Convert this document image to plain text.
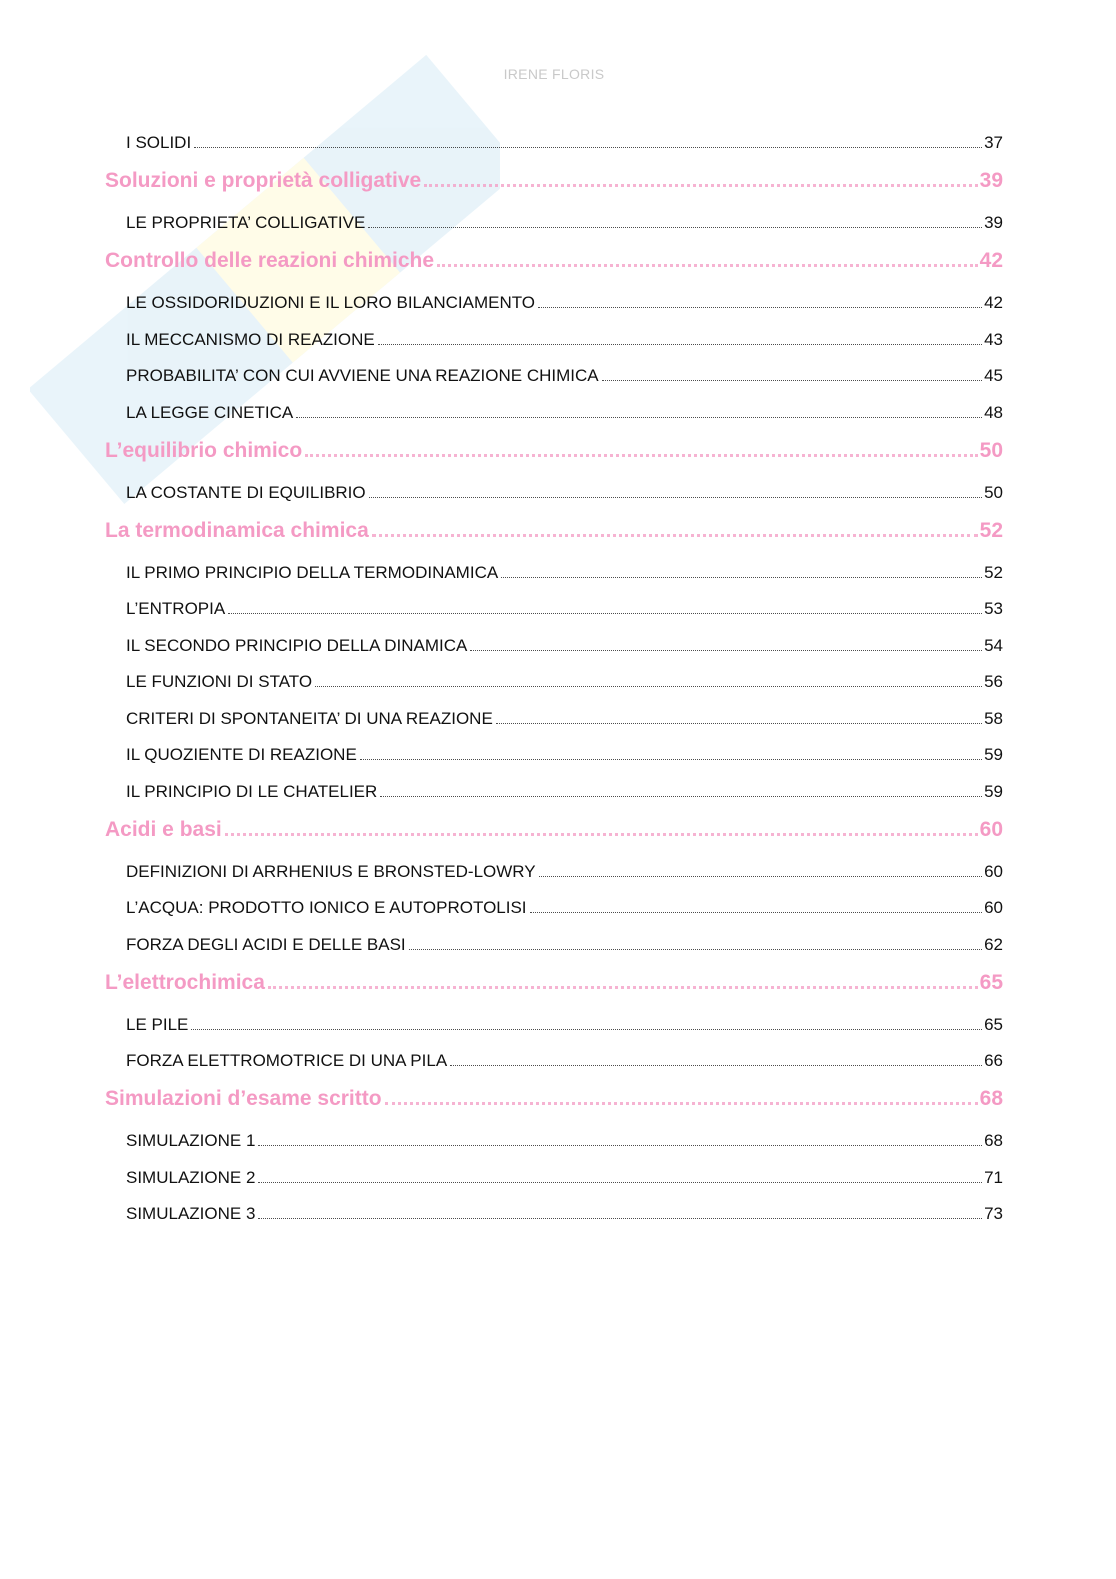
IRENE FLORIS
I SOLIDI	37
Soluzioni e proprietà colligative	39
LE PROPRIETA’ COLLIGATIVE	39
Controllo delle reazioni chimiche	42
LE OSSIDORIDUZIONI E IL LORO BILANCIAMENTO	42
IL MECCANISMO DI REAZIONE	43
PROBABILITA’ CON CUI AVVIENE UNA REAZIONE CHIMICA	45
LA LEGGE CINETICA	48
L’equilibrio chimico	50
LA COSTANTE DI EQUILIBRIO	50
La termodinamica chimica	52
IL PRIMO PRINCIPIO DELLA TERMODINAMICA	52
L’ENTROPIA	53
IL SECONDO PRINCIPIO DELLA DINAMICA	54
LE FUNZIONI DI STATO	56
CRITERI DI SPONTANEITA’ DI UNA REAZIONE	58
IL QUOZIENTE DI REAZIONE	59
IL PRINCIPIO DI LE CHATELIER	59
Acidi e basi	60
DEFINIZIONI DI ARRHENIUS E BRONSTED-LOWRY	60
L’ACQUA: PRODOTTO IONICO E AUTOPROTOLISI	60
FORZA DEGLI ACIDI E DELLE BASI	62
L’elettrochimica	65
LE PILE	65
FORZA ELETTROMOTRICE DI UNA PILA	66
Simulazioni d’esame scritto	68
SIMULAZIONE 1	68
SIMULAZIONE 2	71
SIMULAZIONE 3	73
